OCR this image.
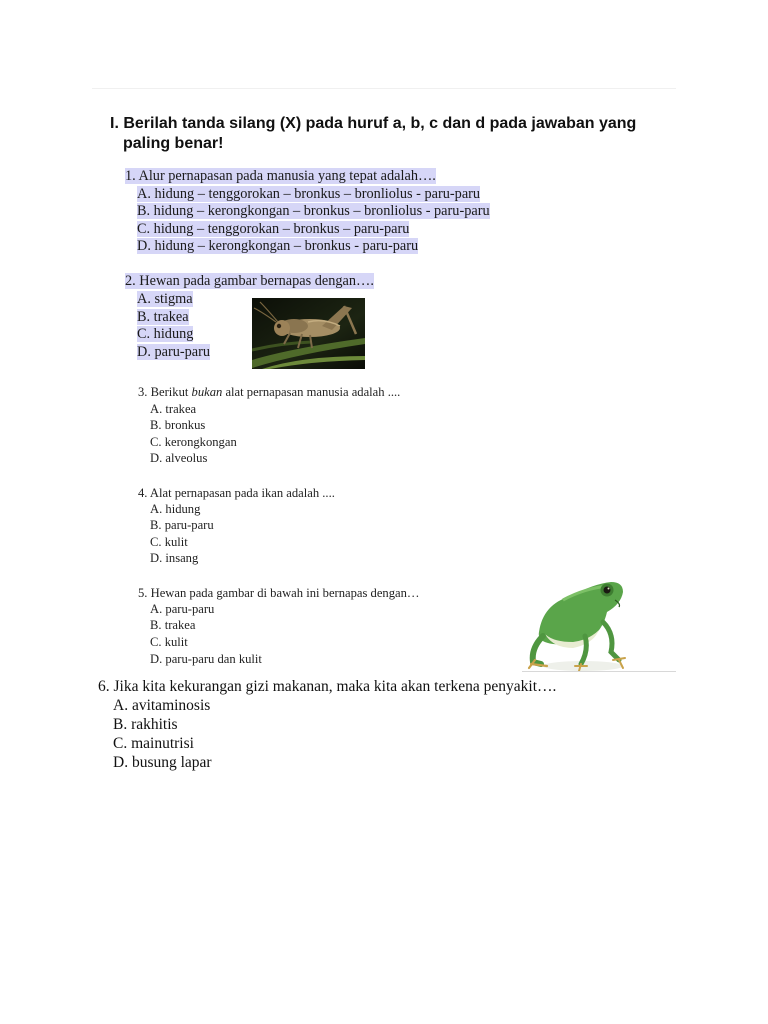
I. Berilah tanda silang (X) pada huruf a, b, c dan d pada jawaban yang
paling benar!
1. Alur pernapasan pada manusia yang tepat adalah….
A. hidung – tenggorokan – bronkus – bronliolus - paru-paru
B. hidung – kerongkongan – bronkus – bronliolus - paru-paru
C. hidung – tenggorokan – bronkus – paru-paru
D. hidung – kerongkongan – bronkus - paru-paru
2. Hewan pada gambar bernapas dengan….
A. stigma
B. trakea
C. hidung
D. paru-paru
3. Berikut bukan alat pernapasan manusia adalah ....
A. trakea
B. bronkus
C. kerongkongan
D. alveolus
4. Alat pernapasan pada ikan adalah ....
A. hidung
B. paru-paru
C. kulit
D. insang
5. Hewan pada gambar di bawah ini bernapas dengan…
A. paru-paru
B. trakea
C. kulit
D. paru-paru dan kulit
6. Jika kita kekurangan gizi makanan, maka kita akan terkena penyakit….
A. avitaminosis
B. rakhitis
C. mainutrisi
D. busung lapar
